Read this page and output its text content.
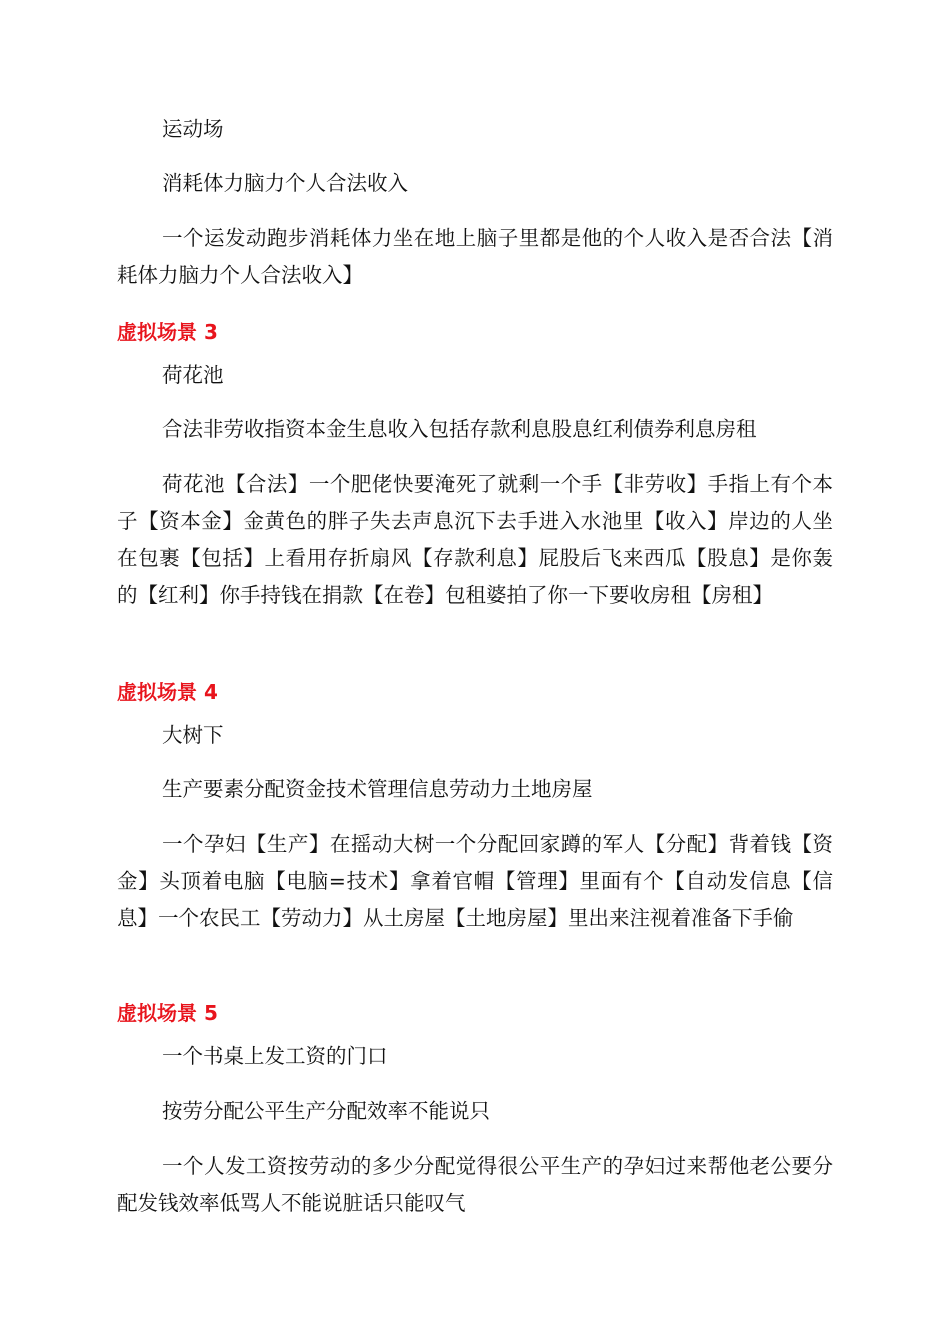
运动场

消耗体力脑力个人合法收入

一个运发动跑步消耗体力坐在地上脑子里都是他的个人收入是否合法【消耗体力脑力个人合法收入】

虚拟场景 3

荷花池

合法非劳收指资本金生息收入包括存款利息股息红利债券利息房租

荷花池【合法】一个肥佬快要淹死了就剩一个手【非劳收】手指上有个本子【资本金】金黄色的胖子失去声息沉下去手进入水池里【收入】岸边的人坐在包裹【包括】上看用存折扇风【存款利息】屁股后飞来西瓜【股息】是你轰的【红利】你手持钱在捐款【在卷】包租婆拍了你一下要收房租【房租】

虚拟场景 4

大树下

生产要素分配资金技术管理信息劳动力土地房屋

一个孕妇【生产】在摇动大树一个分配回家蹲的军人【分配】背着钱【资金】头顶着电脑【电脑=技术】拿着官帽【管理】里面有个【自动发信息【信息】一个农民工【劳动力】从土房屋【土地房屋】里出来注视着准备下手偷

虚拟场景 5

一个书桌上发工资的门口

按劳分配公平生产分配效率不能说只

一个人发工资按劳动的多少分配觉得很公平生产的孕妇过来帮他老公要分配发钱效率低骂人不能说脏话只能叹气
